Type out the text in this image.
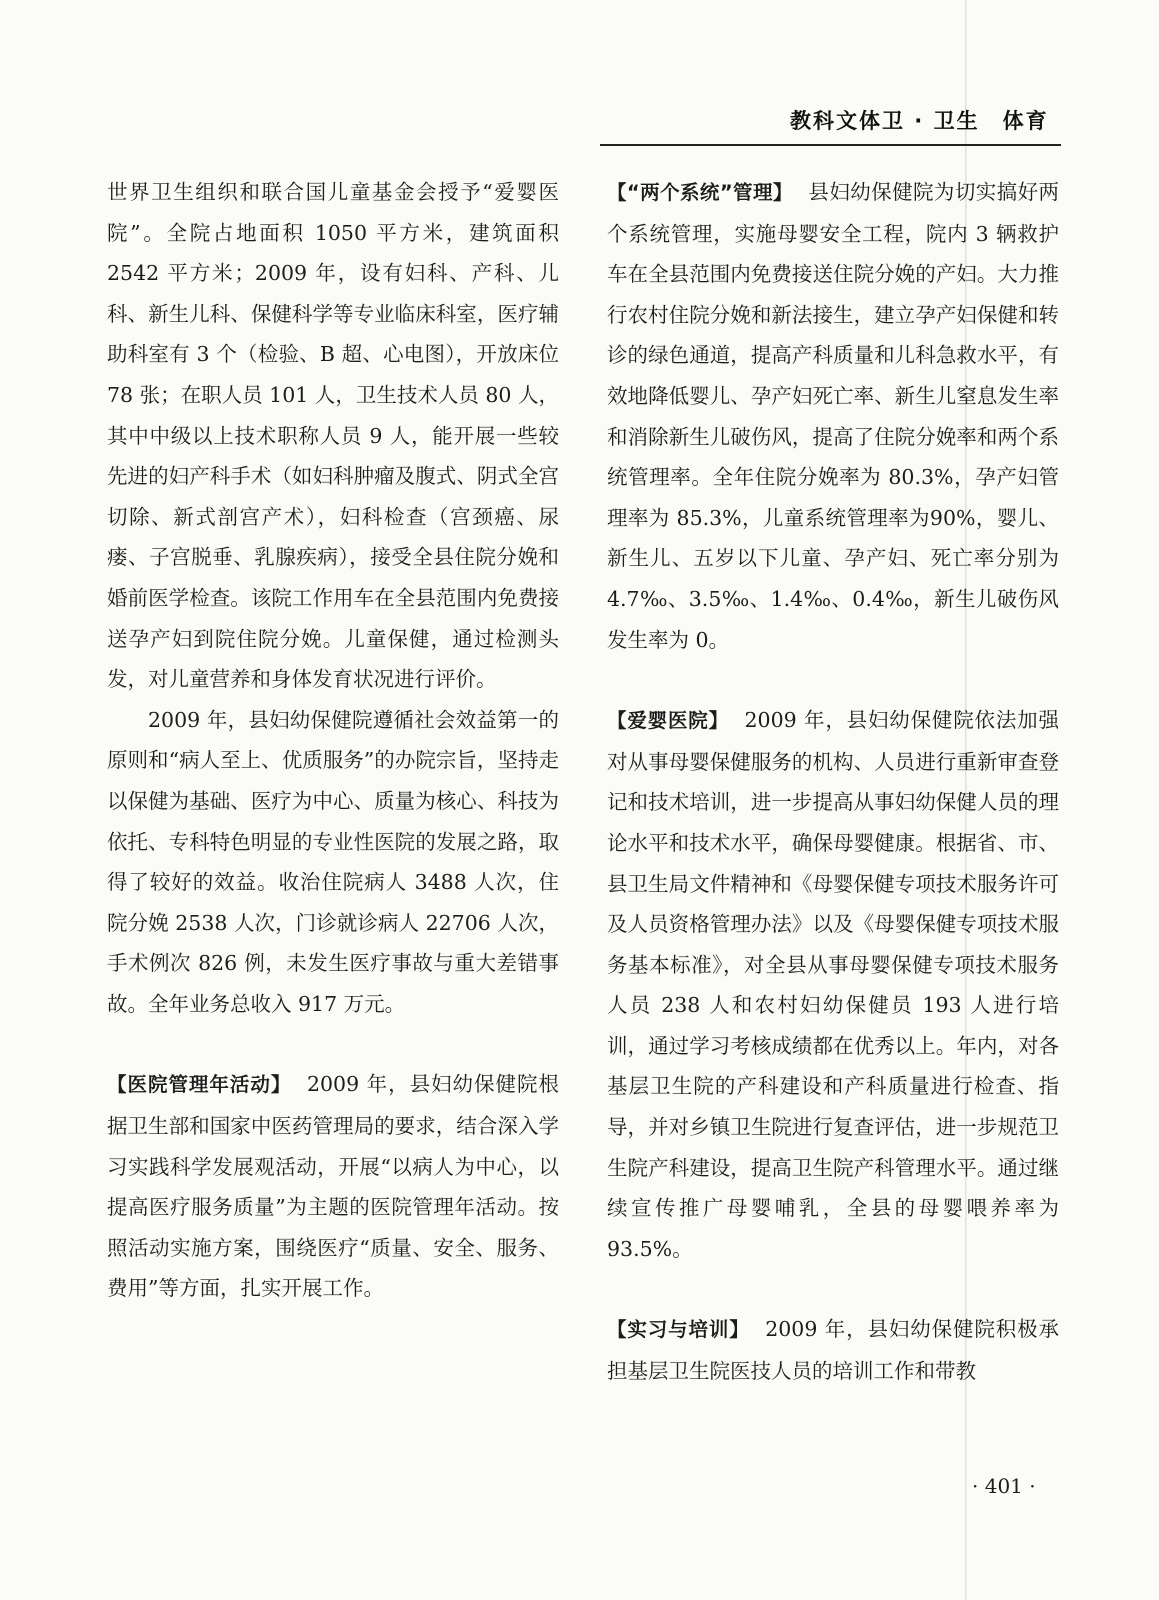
教科文体卫 · 卫生　体育

世界卫生组织和联合国儿童基金会授予“爱婴医院”。全院占地面积 1050 平方米，建筑面积 2542 平方米；2009 年，设有妇科、产科、儿科、新生儿科、保健科学等专业临床科室，医疗辅助科室有 3 个（检验、B 超、心电图），开放床位 78 张；在职人员 101 人，卫生技术人员 80 人，其中中级以上技术职称人员 9 人，能开展一些较先进的妇产科手术（如妇科肿瘤及腹式、阴式全宫切除、新式剖宫产术），妇科检查（宫颈癌、尿瘘、子宫脱垂、乳腺疾病），接受全县住院分娩和婚前医学检查。该院工作用车在全县范围内免费接送孕产妇到院住院分娩。儿童保健，通过检测头发，对儿童营养和身体发育状况进行评价。

2009 年，县妇幼保健院遵循社会效益第一的原则和“病人至上、优质服务”的办院宗旨，坚持走以保健为基础、医疗为中心、质量为核心、科技为依托、专科特色明显的专业性医院的发展之路，取得了较好的效益。收治住院病人 3488 人次，住院分娩 2538 人次，门诊就诊病人 22706 人次，手术例次 826 例，未发生医疗事故与重大差错事故。全年业务总收入 917 万元。

【医院管理年活动】 2009 年，县妇幼保健院根据卫生部和国家中医药管理局的要求，结合深入学习实践科学发展观活动，开展“以病人为中心，以提高医疗服务质量”为主题的医院管理年活动。按照活动实施方案，围绕医疗“质量、安全、服务、费用”等方面，扎实开展工作。

【“两个系统”管理】 县妇幼保健院为切实搞好两个系统管理，实施母婴安全工程，院内 3 辆救护车在全县范围内免费接送住院分娩的产妇。大力推行农村住院分娩和新法接生，建立孕产妇保健和转诊的绿色通道，提高产科质量和儿科急救水平，有效地降低婴儿、孕产妇死亡率、新生儿窒息发生率和消除新生儿破伤风，提高了住院分娩率和两个系统管理率。全年住院分娩率为 80.3%，孕产妇管理率为 85.3%，儿童系统管理率为90%，婴儿、新生儿、五岁以下儿童、孕产妇、死亡率分别为 4.7‰、3.5‰、1.4‰、0.4‰，新生儿破伤风发生率为 0。

【爱婴医院】 2009 年，县妇幼保健院依法加强对从事母婴保健服务的机构、人员进行重新审查登记和技术培训，进一步提高从事妇幼保健人员的理论水平和技术水平，确保母婴健康。根据省、市、县卫生局文件精神和《母婴保健专项技术服务许可及人员资格管理办法》以及《母婴保健专项技术服务基本标准》，对全县从事母婴保健专项技术服务人员 238 人和农村妇幼保健员 193 人进行培训，通过学习考核成绩都在优秀以上。年内，对各基层卫生院的产科建设和产科质量进行检查、指导，并对乡镇卫生院进行复查评估，进一步规范卫生院产科建设，提高卫生院产科管理水平。通过继续宣传推广母婴哺乳，全县的母婴喂养率为 93.5%。

【实习与培训】 2009 年，县妇幼保健院积极承担基层卫生院医技人员的培训工作和带教

· 401 ·
